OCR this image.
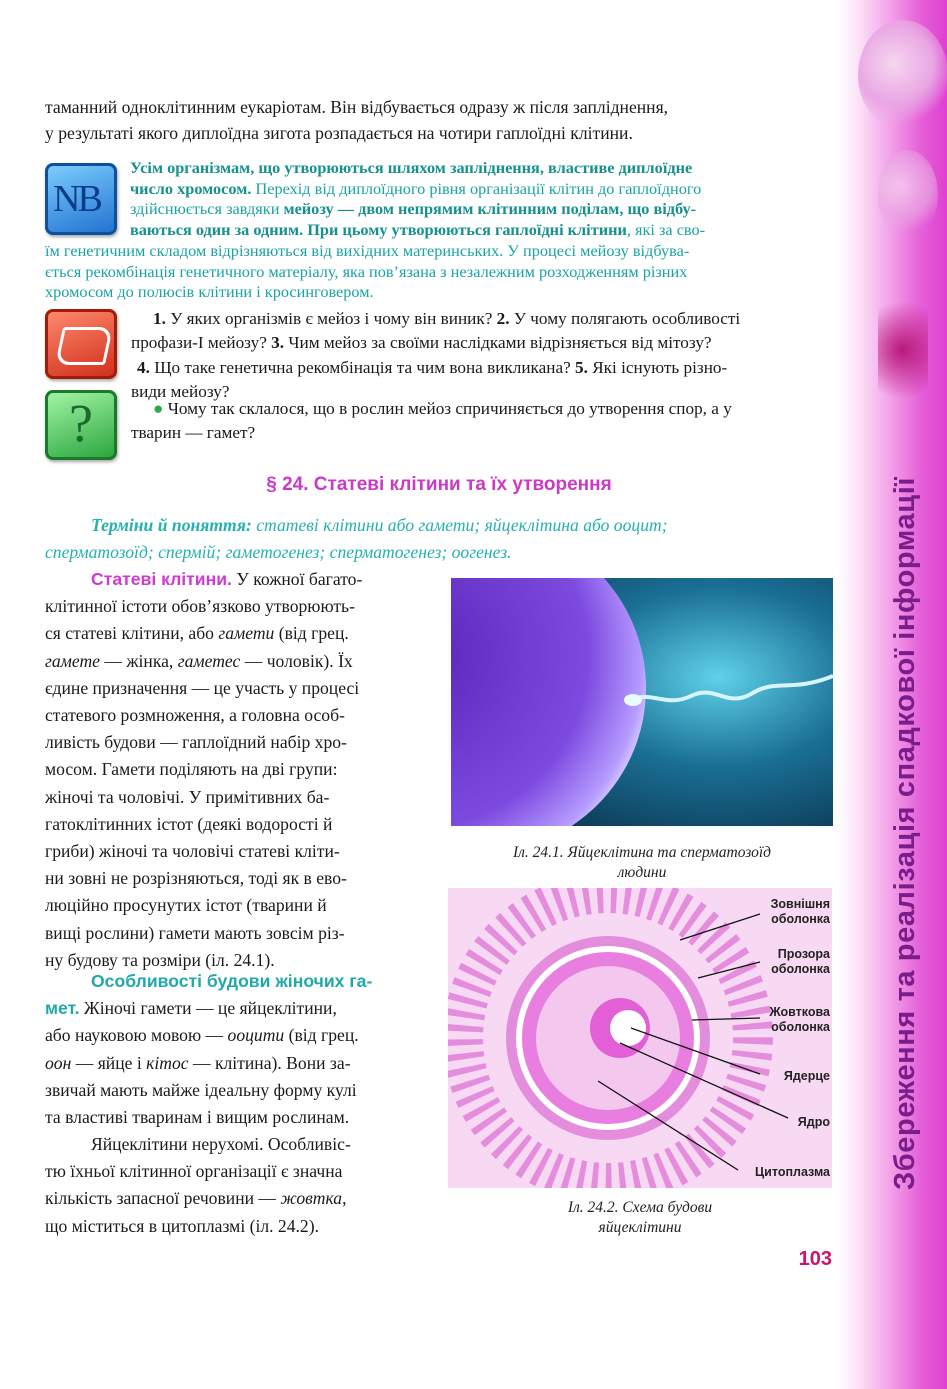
Збереження та реалізація спадкової інформації
таманний одноклітинним еукаріотам. Він відбувається одразу ж після запліднення,
у результаті якого диплоїдна зигота розпадається на чотири гаплоїдні клітини.
NB
Усім організмам, що утворюються шляхом запліднення, властиве диплоїдне
число хромосом. Перехід від диплоїдного рівня організації клітин до гаплоїдного
здійснюється завдяки мейозу — двом непрямим клітинним поділам, що відбу-
ваються один за одним. При цьому утворюються гаплоїдні клітини, які за сво-
їм генетичним складом відрізняються від вихідних материнських. У процесі мейозу відбува-
ється рекомбінація генетичного матеріалу, яка пов’язана з незалежним розходженням різних
хромосом до полюсів клітини і кросинговером.
1. У яких організмів є мейоз і чому він виник? 2. У чому полягають особливості
профази-І мейозу? 3. Чим мейоз за своїми наслідками відрізняється від мітозу?
4. Що таке генетична рекомбінація та чим вона викликана? 5. Які існують різно-
види мейозу?
?	● Чому так склалося, що в рослин мейоз спричиняється до утворення спор, а у
тварин — гамет?
§ 24. Статеві клітини та їх утворення
Терміни й поняття: статеві клітини або гамети; яйцеклітина або ооцит;
сперматозоїд; спермій; гаметогенез; сперматогенез; оогенез.
Статеві клітини. У кожної багато-
клітинної істоти обов’язково утворюють-
ся статеві клітини, або гамети (від грец.
гамете — жінка, гаметес — чоловік). Їх
єдине призначення — це участь у процесі
статевого розмноження, а головна особ-
ливість будови — гаплоїдний набір хро-
мосом. Гамети поділяють на дві групи:
жіночі та чоловічі. У примітивних ба-
гатоклітинних істот (деякі водорості й
гриби) жіночі та чоловічі статеві кліти-
ни зовні не розрізняються, тоді як в ево-
люційно просунутих істот (тварини й
вищі рослини) гамети мають зовсім різ-
ну будову та розміри (іл. 24.1).
Особливості будови жіночих га-
мет. Жіночі гамети — це яйцеклітини,
або науковою мовою — ооцити (від грец.
оон — яйце і кітос — клітина). Вони за-
звичай мають майже ідеальну форму кулі
та властиві тваринам і вищим рослинам.
Яйцеклітини нерухомі. Особливіс-
тю їхньої клітинної організації є значна
кількість запасної речовини — жовтка,
що міститься в цитоплазмі (іл. 24.2).
Іл. 24.1. Яйцеклітина та сперматозоїд
людини
Зовнішня
оболонка
Прозора
оболонка
Жовткова
оболонка
Ядерце
Ядро
Цитоплазма
Іл. 24.2. Схема будови
яйцеклітини
103
